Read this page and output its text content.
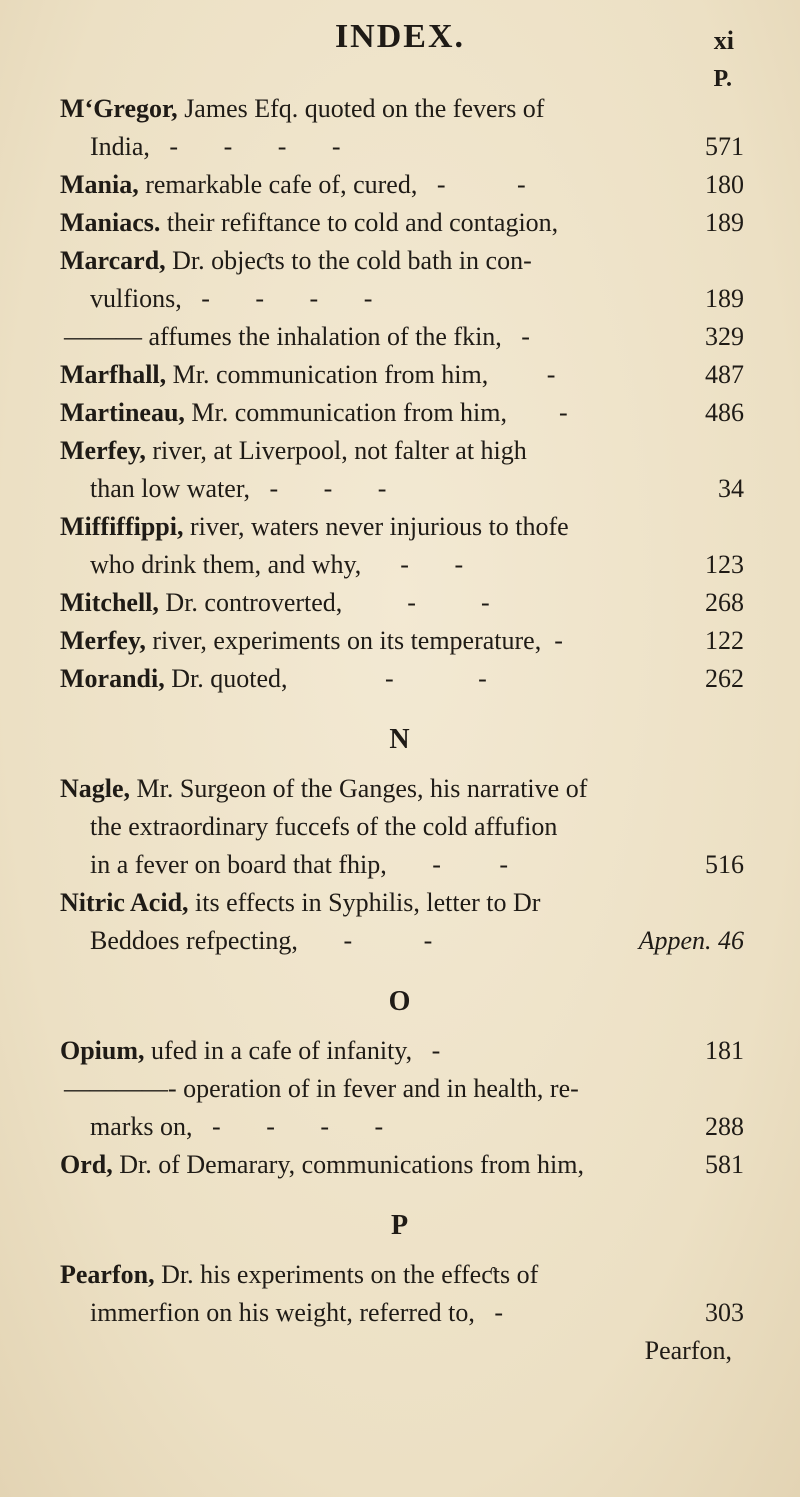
INDEX.	xi
P.
M‘Gregor, James Efq. quoted on the fevers of
India,   -       -       -       -	571
Mania, remarkable cafe of, cured,   -           -	180
Maniacs. their refiftance to cold and contagion,	189
Marcard, Dr. objeƈts to the cold bath in con-
vulfions,   -       -       -       -	189
——— affumes the inhalation of the fkin,   -	329
Marfhall, Mr. communication from him,         -	487
Martineau, Mr. communication from him,        -	486
Merfey, river, at Liverpool, not falter at high
than low water,   -       -       -	34
Miffiffippi, river, waters never injurious to thofe
who drink them, and why,      -       -	123
Mitchell, Dr. controverted,          -          -	268
Merfey, river, experiments on its temperature,  -	122
Morandi, Dr. quoted,               -             -	262
N
Nagle, Mr. Surgeon of the Ganges, his narrative of
the extraordinary fuccefs of the cold affufion
in a fever on board that fhip,       -         -	516
Nitric Acid, its effects in Syphilis, letter to Dr
Beddoes refpecting,       -           -	Appen. 46
O
Opium, ufed in a cafe of infanity,   -	181
————- operation of in fever and in health, re-
marks on,   -       -       -       -	288
Ord, Dr. of Demarary, communications from him,	581
P
Pearfon, Dr. his experiments on the effeƈts of
immerfion on his weight, referred to,   -	303
Pearfon,
